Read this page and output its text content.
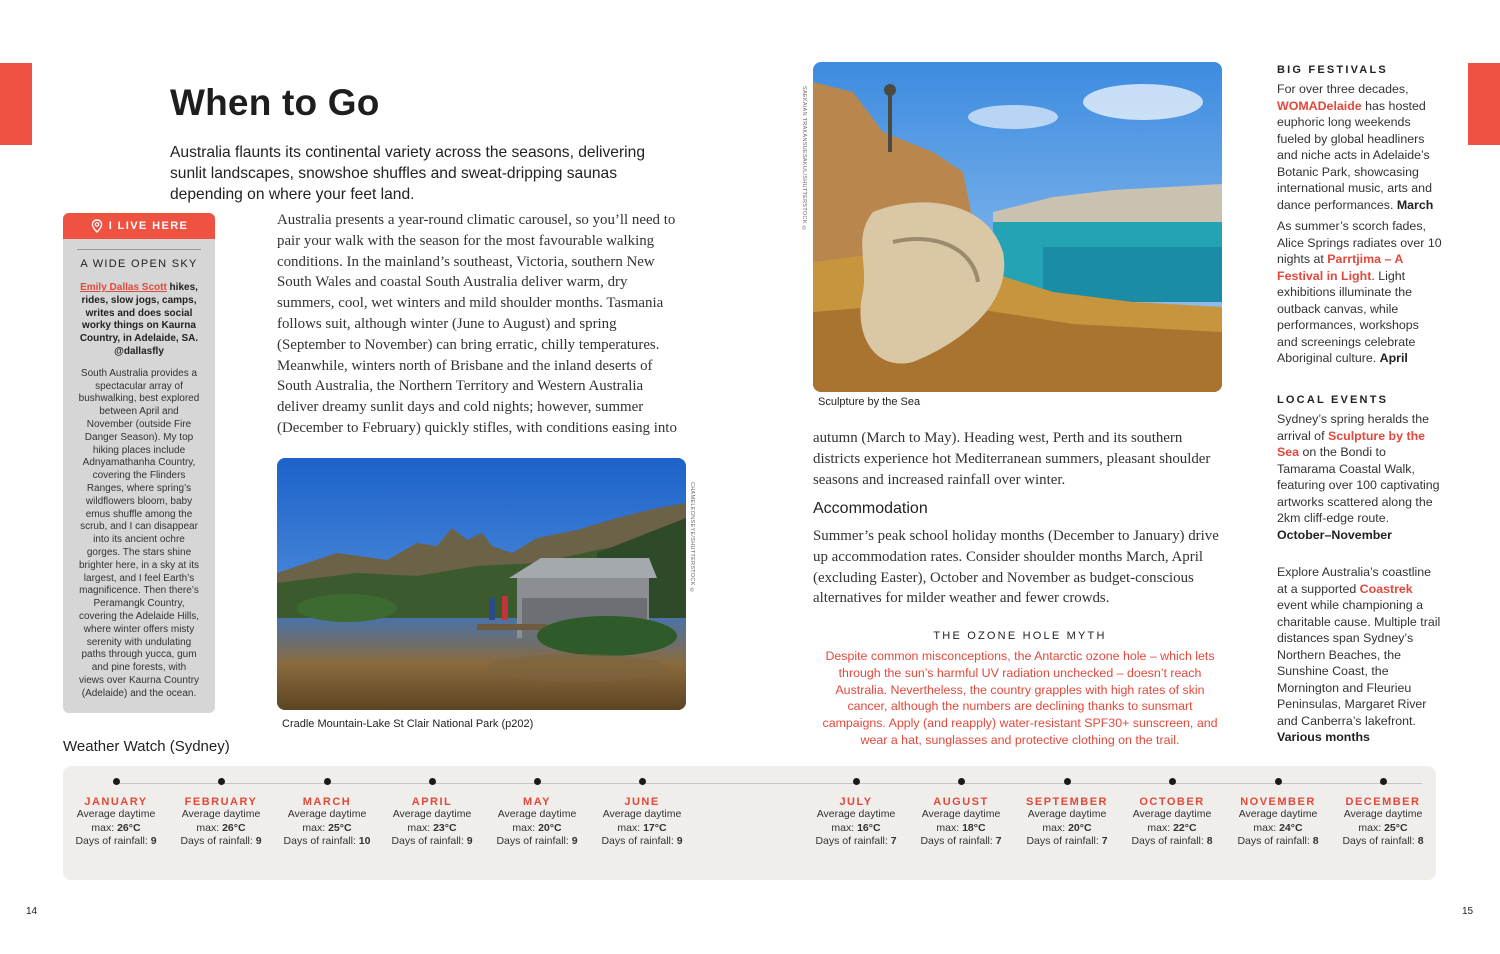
When to Go
Australia flaunts its continental variety across the seasons, delivering sunlit landscapes, snowshoe shuffles and sweat-dripping saunas depending on where your feet land.
I LIVE HERE
A WIDE OPEN SKY
Emily Dallas Scott hikes, rides, slow jogs, camps, writes and does social worky things on Kaurna Country, in Adelaide, SA. @dallasfly
South Australia provides a spectacular array of bushwalking, best explored between April and November (outside Fire Danger Season). My top hiking places include Adnyamathanha Country, covering the Flinders Ranges, where spring’s wildflowers bloom, baby emus shuffle among the scrub, and I can disappear into its ancient ochre gorges. The stars shine brighter here, in a sky at its largest, and I feel Earth’s magnificence. Then there’s Peramangk Country, covering the Adelaide Hills, where winter offers misty serenity with undulating paths through yucca, gum and pine forests, with views over Kaurna Country (Adelaide) and the ocean.
Australia presents a year-round climatic carousel, so you’ll need to pair your walk with the season for the most favourable walking conditions. In the mainland’s southeast, Victoria, southern New South Wales and coastal South Australia deliver warm, dry summers, cool, wet winters and mild shoulder months. Tasmania follows suit, although winter (June to August) and spring (September to November) can bring erratic, chilly temperatures. Meanwhile, winters north of Brisbane and the inland deserts of South Australia, the Northern Territory and Western Australia deliver dreamy sunlit days and cold nights; however, summer (December to February) quickly stifles, with conditions easing into
CHAMELEONSEYE/SHUTTERSTOCK ©
Cradle Mountain-Lake St Clair National Park (p202)
SAEKAIAN TRAKANSUESAKUL/SHUTTERSTOCK ©
Sculpture by the Sea
autumn (March to May). Heading west, Perth and its southern districts experience hot Mediterranean summers, pleasant shoulder seasons and increased rainfall over winter.
Accommodation
Summer’s peak school holiday months (December to January) drive up accommodation rates. Consider shoulder months March, April (excluding Easter), October and November as budget-conscious alternatives for milder weather and fewer crowds.
THE OZONE HOLE MYTH
Despite common misconceptions, the Antarctic ozone hole – which lets through the sun’s harmful UV radiation unchecked – doesn’t reach Australia. Nevertheless, the country grapples with high rates of skin cancer, although the numbers are declining thanks to sunsmart campaigns. Apply (and reapply) water-resistant SPF30+ sunscreen, and wear a hat, sunglasses and protective clothing on the trail.
BIG FESTIVALS
For over three decades, WOMADelaide has hosted euphoric long weekends fueled by global headliners and niche acts in Adelaide’s Botanic Park, showcasing international music, arts and dance performances. March
As summer’s scorch fades, Alice Springs radiates over 10 nights at Parrtjima – A Festival in Light. Light exhibitions illuminate the outback canvas, while performances, workshops and screenings celebrate Aboriginal culture. April
LOCAL EVENTS
Sydney’s spring heralds the arrival of Sculpture by the Sea on the Bondi to Tamarama Coastal Walk, featuring over 100 captivating artworks scattered along the 2km cliff-edge route. October–November
Explore Australia’s coastline at a supported Coastrek event while championing a charitable cause. Multiple trail distances span Sydney’s Northern Beaches, the Sunshine Coast, the Mornington and Fleurieu Peninsulas, Margaret River and Canberra’s lakefront. Various months
Weather Watch (Sydney)
JANUARY
Average daytime
max: 26°C
Days of rainfall: 9
FEBRUARY
Average daytime
max: 26°C
Days of rainfall: 9
MARCH
Average daytime
max: 25°C
Days of rainfall: 10
APRIL
Average daytime
max: 23°C
Days of rainfall: 9
MAY
Average daytime
max: 20°C
Days of rainfall: 9
JUNE
Average daytime
max: 17°C
Days of rainfall: 9
JULY
Average daytime
max: 16°C
Days of rainfall: 7
AUGUST
Average daytime
max: 18°C
Days of rainfall: 7
SEPTEMBER
Average daytime
max: 20°C
Days of rainfall: 7
OCTOBER
Average daytime
max: 22°C
Days of rainfall: 8
NOVEMBER
Average daytime
max: 24°C
Days of rainfall: 8
DECEMBER
Average daytime
max: 25°C
Days of rainfall: 8
14	15
